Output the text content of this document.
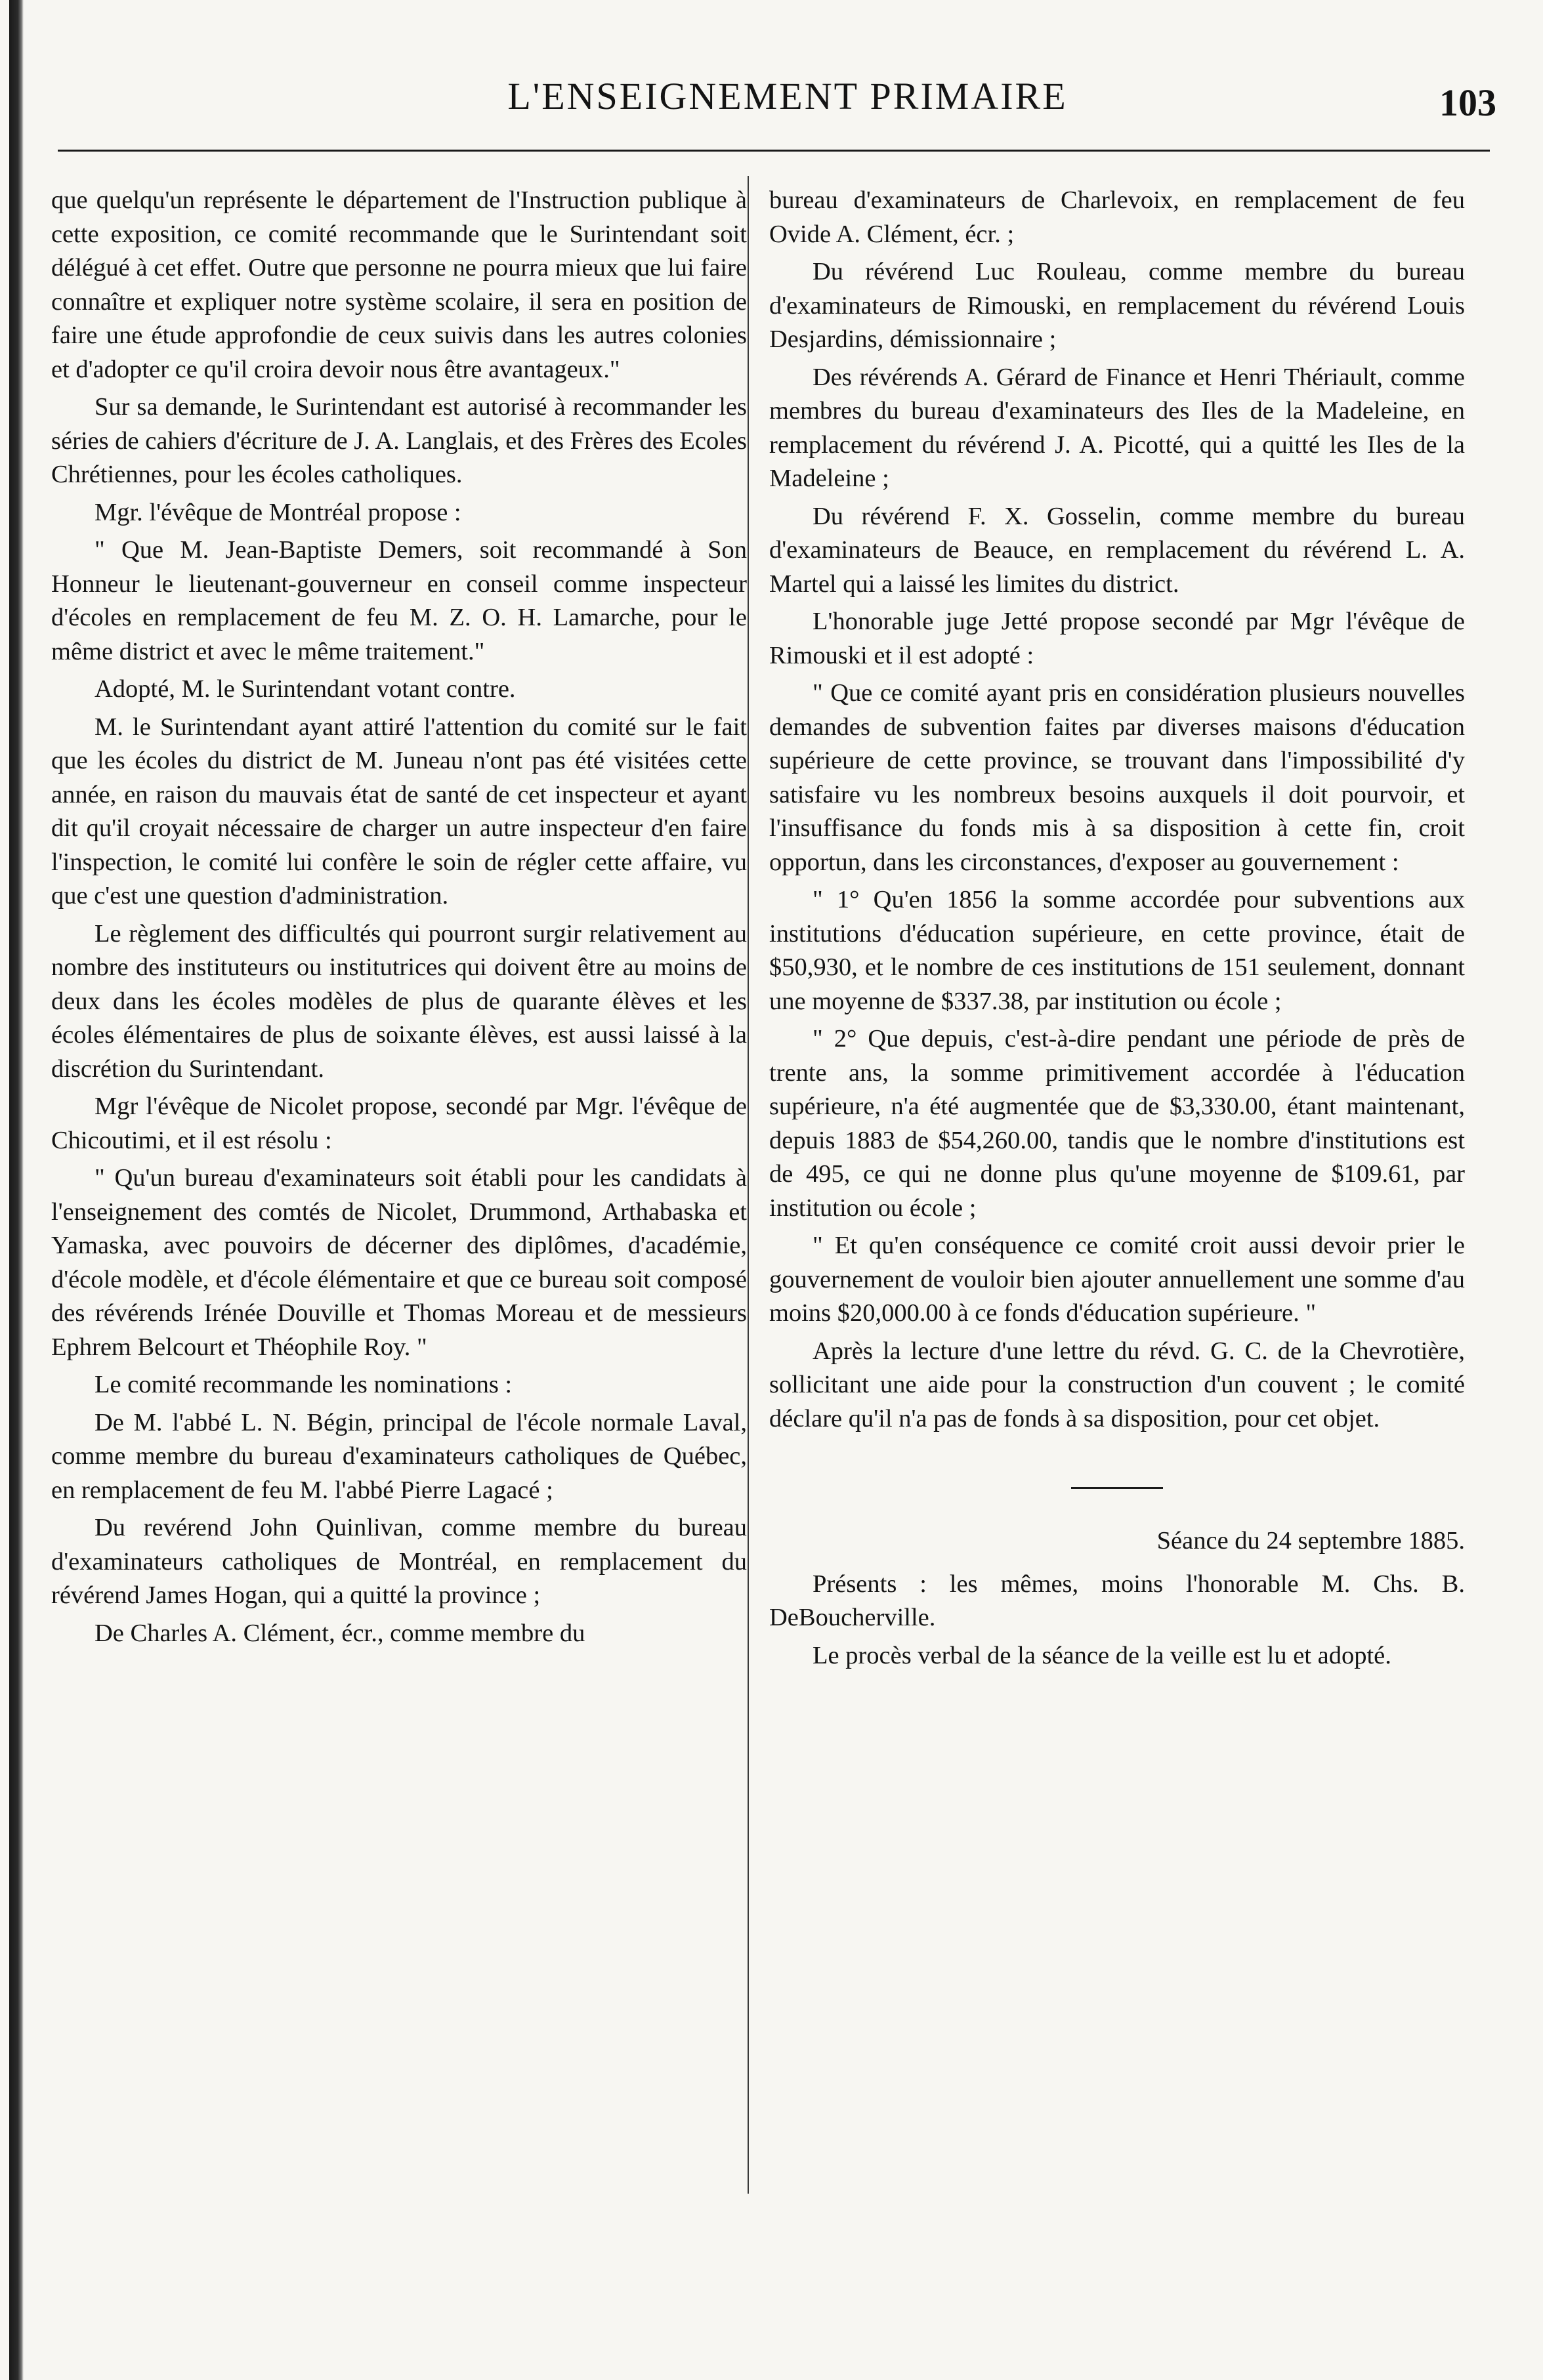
L'ENSEIGNEMENT PRIMAIRE	103

que quelqu'un représente le département de l'Instruction publique à cette exposition, ce comité recommande que le Surintendant soit délégué à cet effet. Outre que personne ne pourra mieux que lui faire connaître et expliquer notre système scolaire, il sera en position de faire une étude approfondie de ceux suivis dans les autres colonies et d'adopter ce qu'il croira devoir nous être avantageux."

Sur sa demande, le Surintendant est autorisé à recommander les séries de cahiers d'écriture de J. A. Langlais, et des Frères des Ecoles Chrétiennes, pour les écoles catholiques.

Mgr. l'évêque de Montréal propose :

" Que M. Jean-Baptiste Demers, soit recommandé à Son Honneur le lieutenant-gouverneur en conseil comme inspecteur d'écoles en remplacement de feu M. Z. O. H. Lamarche, pour le même district et avec le même traitement."

Adopté, M. le Surintendant votant contre.

M. le Surintendant ayant attiré l'attention du comité sur le fait que les écoles du district de M. Juneau n'ont pas été visitées cette année, en raison du mauvais état de santé de cet inspecteur et ayant dit qu'il croyait nécessaire de charger un autre inspecteur d'en faire l'inspection, le comité lui confère le soin de régler cette affaire, vu que c'est une question d'administration.

Le règlement des difficultés qui pourront surgir relativement au nombre des instituteurs ou institutrices qui doivent être au moins de deux dans les écoles modèles de plus de quarante élèves et les écoles élémentaires de plus de soixante élèves, est aussi laissé à la discrétion du Surintendant.

Mgr l'évêque de Nicolet propose, secondé par Mgr. l'évêque de Chicoutimi, et il est résolu :

" Qu'un bureau d'examinateurs soit établi pour les candidats à l'enseignement des comtés de Nicolet, Drummond, Arthabaska et Yamaska, avec pouvoirs de décerner des diplômes, d'académie, d'école modèle, et d'école élémentaire et que ce bureau soit composé des révérends Irénée Douville et Thomas Moreau et de messieurs Ephrem Belcourt et Théophile Roy. "

Le comité recommande les nominations :

De M. l'abbé L. N. Bégin, principal de l'école normale Laval, comme membre du bureau d'examinateurs catholiques de Québec, en remplacement de feu M. l'abbé Pierre Lagacé ;

Du revérend John Quinlivan, comme membre du bureau d'examinateurs catholiques de Montréal, en remplacement du révérend James Hogan, qui a quitté la province ;

De Charles A. Clément, écr., comme membre du

bureau d'examinateurs de Charlevoix, en remplacement de feu Ovide A. Clément, écr. ;

Du révérend Luc Rouleau, comme membre du bureau d'examinateurs de Rimouski, en remplacement du révérend Louis Desjardins, démissionnaire ;

Des révérends A. Gérard de Finance et Henri Thériault, comme membres du bureau d'examinateurs des Iles de la Madeleine, en remplacement du révérend J. A. Picotté, qui a quitté les Iles de la Madeleine ;

Du révérend F. X. Gosselin, comme membre du bureau d'examinateurs de Beauce, en remplacement du révérend L. A. Martel qui a laissé les limites du district.

L'honorable juge Jetté propose secondé par Mgr l'évêque de Rimouski et il est adopté :

" Que ce comité ayant pris en considération plusieurs nouvelles demandes de subvention faites par diverses maisons d'éducation supérieure de cette province, se trouvant dans l'impossibilité d'y satisfaire vu les nombreux besoins auxquels il doit pourvoir, et l'insuffisance du fonds mis à sa disposition à cette fin, croit opportun, dans les circonstances, d'exposer au gouvernement :

" 1° Qu'en 1856 la somme accordée pour subventions aux institutions d'éducation supérieure, en cette province, était de $50,930, et le nombre de ces institutions de 151 seulement, donnant une moyenne de $337.38, par institution ou école ;

" 2° Que depuis, c'est-à-dire pendant une période de près de trente ans, la somme primitivement accordée à l'éducation supérieure, n'a été augmentée que de $3,330.00, étant maintenant, depuis 1883 de $54,260.00, tandis que le nombre d'institutions est de 495, ce qui ne donne plus qu'une moyenne de $109.61, par institution ou école ;

" Et qu'en conséquence ce comité croit aussi devoir prier le gouvernement de vouloir bien ajouter annuellement une somme d'au moins $20,000.00 à ce fonds d'éducation supérieure. "

Après la lecture d'une lettre du révd. G. C. de la Chevrotière, sollicitant une aide pour la construction d'un couvent ; le comité déclare qu'il n'a pas de fonds à sa disposition, pour cet objet.

Séance du 24 septembre 1885.

Présents : les mêmes, moins l'honorable M. Chs. B. DeBoucherville.

Le procès verbal de la séance de la veille est lu et adopté.
